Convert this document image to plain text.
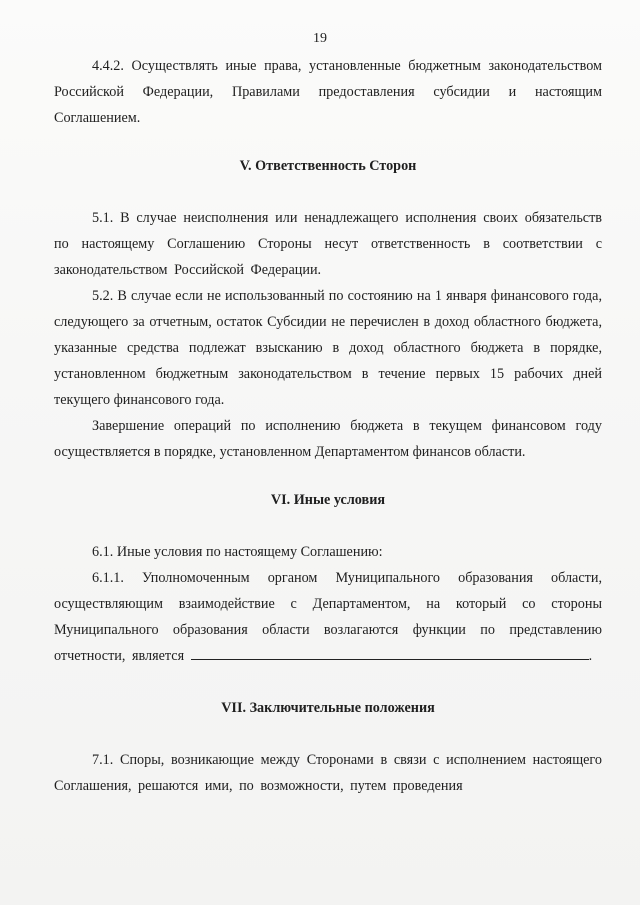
19

4.4.2. Осуществлять иные права, установленные бюджетным законодательством Российской Федерации, Правилами предоставления субсидии и настоящим Соглашением.

V. Ответственность Сторон

5.1. В случае неисполнения или ненадлежащего исполнения своих обязательств по настоящему Соглашению Стороны несут ответственность в соответствии с законодательством Российской Федерации.

5.2. В случае если не использованный по состоянию на 1 января финансового года, следующего за отчетным, остаток Субсидии не перечислен в доход областного бюджета, указанные средства подлежат взысканию в доход областного бюджета в порядке, установленном бюджетным законодательством в течение первых 15 рабочих дней текущего финансового года.

Завершение операций по исполнению бюджета в текущем финансовом году осуществляется в порядке, установленном Департаментом финансов области.

VI. Иные условия

6.1. Иные условия по настоящему Соглашению:

6.1.1. Уполномоченным органом Муниципального образования области, осуществляющим взаимодействие с Департаментом, на который со стороны Муниципального образования области возлагаются функции по представлению отчетности, является	.

VII. Заключительные положения

7.1. Споры, возникающие между Сторонами в связи с исполнением настоящего Соглашения, решаются ими, по возможности, путем проведения
